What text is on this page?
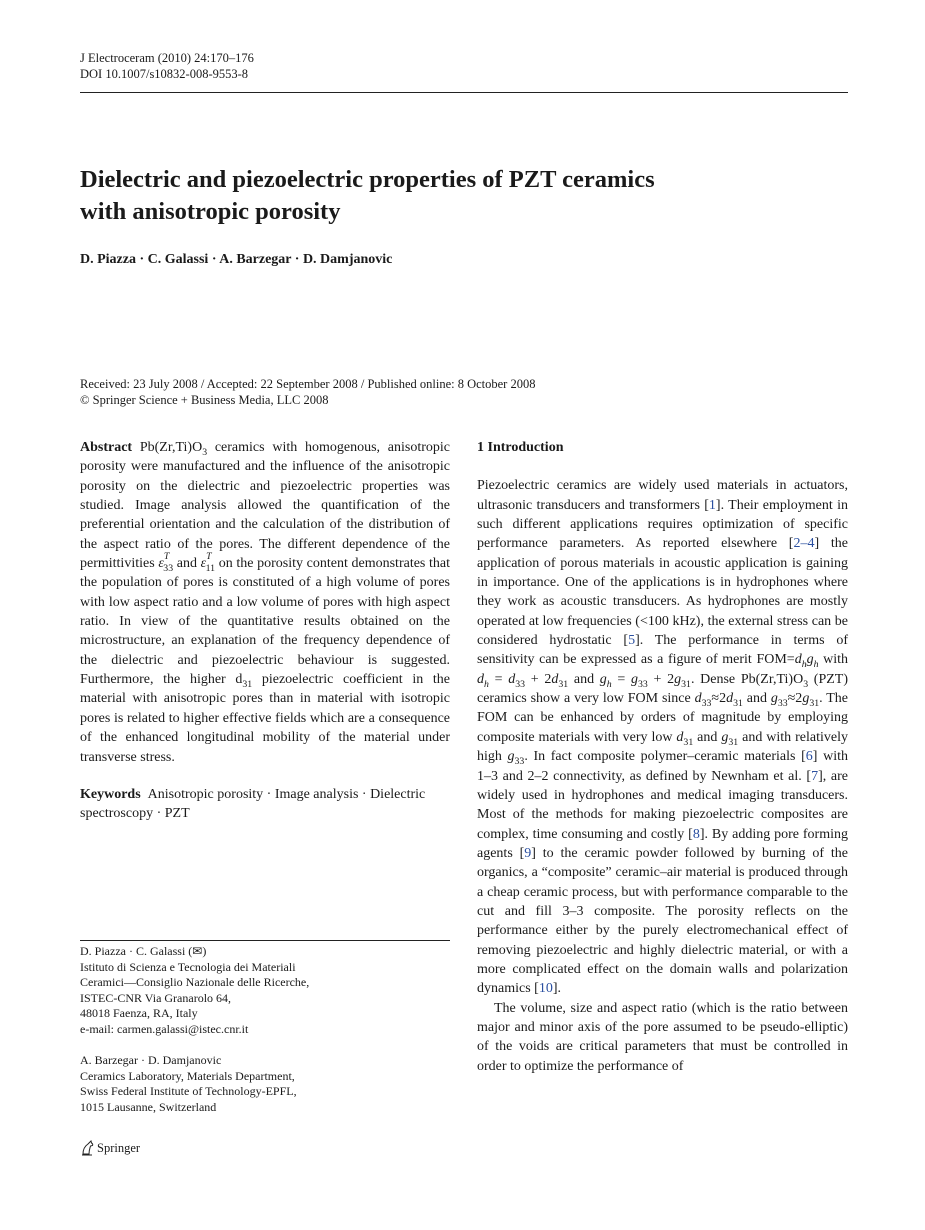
J Electroceram (2010) 24:170–176
DOI 10.1007/s10832-008-9553-8
Dielectric and piezoelectric properties of PZT ceramics
with anisotropic porosity
D. Piazza · C. Galassi · A. Barzegar · D. Damjanovic
Received: 23 July 2008 / Accepted: 22 September 2008 / Published online: 8 October 2008
© Springer Science + Business Media, LLC 2008

Abstract $Pb(Zr,Ti)O_3$ ceramics with homogenous, anisotropic porosity were manufactured and the influence of the anisotropic porosity on the dielectric and piezoelectric properties was studied. Image analysis allowed the quantification of the preferential orientation and the calculation of the distribution of the aspect ratio of the pores. The different dependence of the permittivities $\varepsilon^T_{33}$ and $\varepsilon^T_{11}$ on the porosity content demonstrates that the population of pores is constituted of a high volume of pores with low aspect ratio and a low volume of pores with high aspect ratio. In view of the quantitative results obtained on the microstructure, an explanation of the frequency dependence of the dielectric and piezoelectric behaviour is suggested. Furthermore, the higher $d_{31}$ piezoelectric coefficient in the material with anisotropic pores than in material with isotropic pores is related to higher effective fields which are a consequence of the enhanced longitudinal mobility of the material under transverse stress.

Keywords Anisotropic porosity · Image analysis · Dielectric spectroscopy · PZT

D. Piazza · C. Galassi (✉)
Istituto di Scienza e Tecnologia dei Materiali
Ceramici—Consiglio Nazionale delle Ricerche,
ISTEC-CNR Via Granarolo 64,
48018 Faenza, RA, Italy
e-mail: carmen.galassi@istec.cnr.it
A. Barzegar · D. Damjanovic
Ceramics Laboratory, Materials Department,
Swiss Federal Institute of Technology-EPFL,
1015 Lausanne, Switzerland

1 Introduction

Piezoelectric ceramics are widely used materials in actuators, ultrasonic transducers and transformers [1]. Their employment in such different applications requires optimization of specific performance parameters. As reported elsewhere [2–4] the application of porous materials in acoustic application is gaining in importance. One of the applications is in hydrophones where they work as acoustic transducers. As hydrophones are mostly operated at low frequencies (<100 kHz), the external stress can be considered hydrostatic [5]. The performance in terms of sensitivity can be expressed as a figure of merit $FOM=d_hg_h$ with $d_h = d_{33} + 2d_{31}$ and $g_h = g_{33} + 2g_{31}$. Dense $Pb(Zr,Ti)O_3$ (PZT) ceramics show a very low FOM since $d_{33}\approx 2d_{31}$ and $g_{33}\approx 2g_{31}$. The FOM can be enhanced by orders of magnitude by employing composite materials with very low $d_{31}$ and $g_{31}$ and with relatively high $g_{33}$. In fact composite polymer–ceramic materials [6] with 1–3 and 2–2 connectivity, as defined by Newnham et al. [7], are widely used in hydrophones and medical imaging transducers. Most of the methods for making piezoelectric composites are complex, time consuming and costly [8]. By adding pore forming agents [9] to the ceramic powder followed by burning of the organics, a “composite” ceramic–air material is produced through a cheap ceramic process, but with performance comparable to the cut and fill 3–3 composite. The porosity reflects on the performance either by the purely electromechanical effect of removing piezoelectric and highly dielectric material, or with a more complicated effect on the domain walls and polarization dynamics [10].

The volume, size and aspect ratio (which is the ratio between major and minor axis of the pore assumed to be pseudo-elliptic) of the voids are critical parameters that must be controlled in order to optimize the performance of

Springer
